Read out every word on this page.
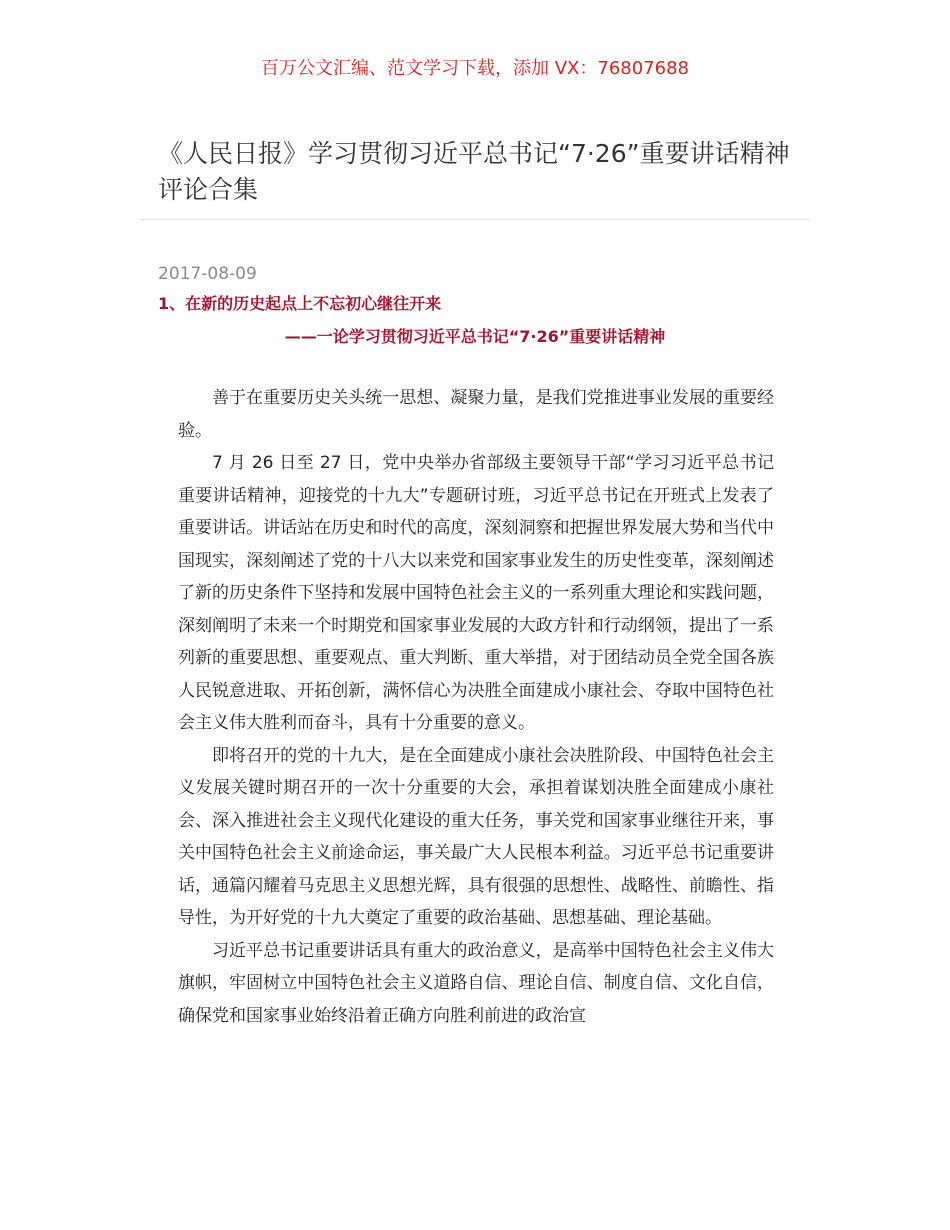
百万公文汇编、范文学习下载，添加 VX：76807688
《人民日报》学习贯彻习近平总书记“7·26”重要讲话精神评论合集
2017-08-09
1、在新的历史起点上不忘初心继往开来
——一论学习贯彻习近平总书记“7·26”重要讲话精神

善于在重要历史关头统一思想、凝聚力量，是我们党推进事业发展的重要经验。

7 月 26 日至 27 日，党中央举办省部级主要领导干部“学习习近平总书记重要讲话精神，迎接党的十九大”专题研讨班，习近平总书记在开班式上发表了重要讲话。讲话站在历史和时代的高度，深刻洞察和把握世界发展大势和当代中国现实，深刻阐述了党的十八大以来党和国家事业发生的历史性变革，深刻阐述了新的历史条件下坚持和发展中国特色社会主义的一系列重大理论和实践问题，深刻阐明了未来一个时期党和国家事业发展的大政方针和行动纲领，提出了一系列新的重要思想、重要观点、重大判断、重大举措，对于团结动员全党全国各族人民锐意进取、开拓创新，满怀信心为决胜全面建成小康社会、夺取中国特色社会主义伟大胜利而奋斗，具有十分重要的意义。

即将召开的党的十九大，是在全面建成小康社会决胜阶段、中国特色社会主义发展关键时期召开的一次十分重要的大会，承担着谋划决胜全面建成小康社会、深入推进社会主义现代化建设的重大任务，事关党和国家事业继往开来，事关中国特色社会主义前途命运，事关最广大人民根本利益。习近平总书记重要讲话，通篇闪耀着马克思主义思想光辉，具有很强的思想性、战略性、前瞻性、指导性，为开好党的十九大奠定了重要的政治基础、思想基础、理论基础。

习近平总书记重要讲话具有重大的政治意义，是高举中国特色社会主义伟大旗帜，牢固树立中国特色社会主义道路自信、理论自信、制度自信、文化自信，确保党和国家事业始终沿着正确方向胜利前进的政治宣
